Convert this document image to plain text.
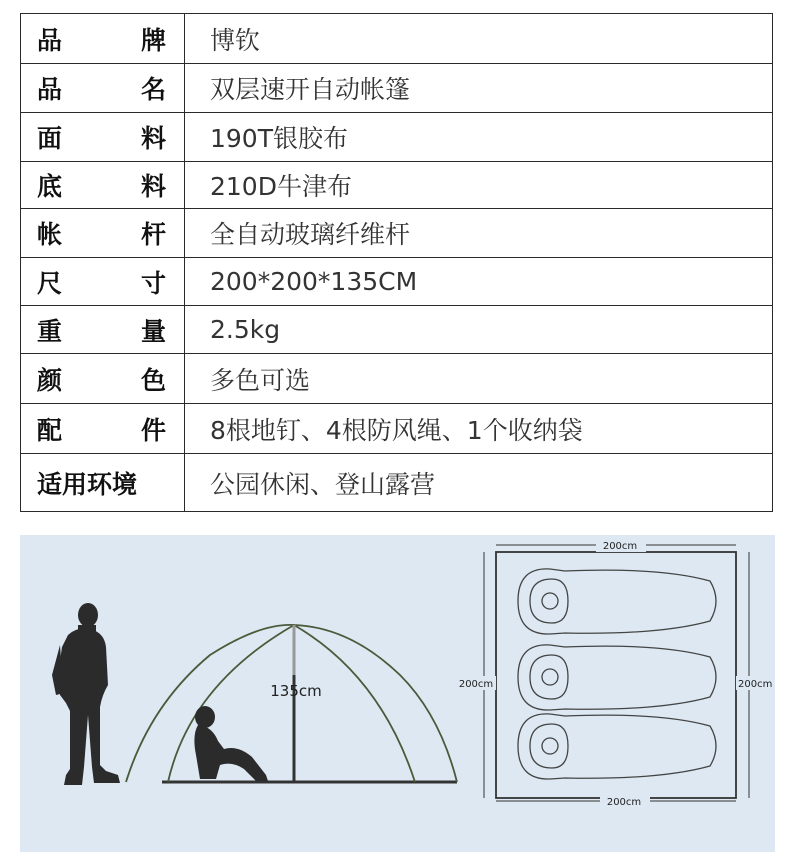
品 牌	博钦

品 名	双层速开自动帐篷

面 料	190T银胶布

底 料	210D牛津布

帐 杆	全自动玻璃纤维杆

尺 寸	200*200*135CM

重 量	2.5kg

颜 色	多色可选

配 件	8根地钉、4根防风绳、1个收纳袋

适用环境	公园休闲、登山露营
135cm
200cm
200cm
200cm	200cm
